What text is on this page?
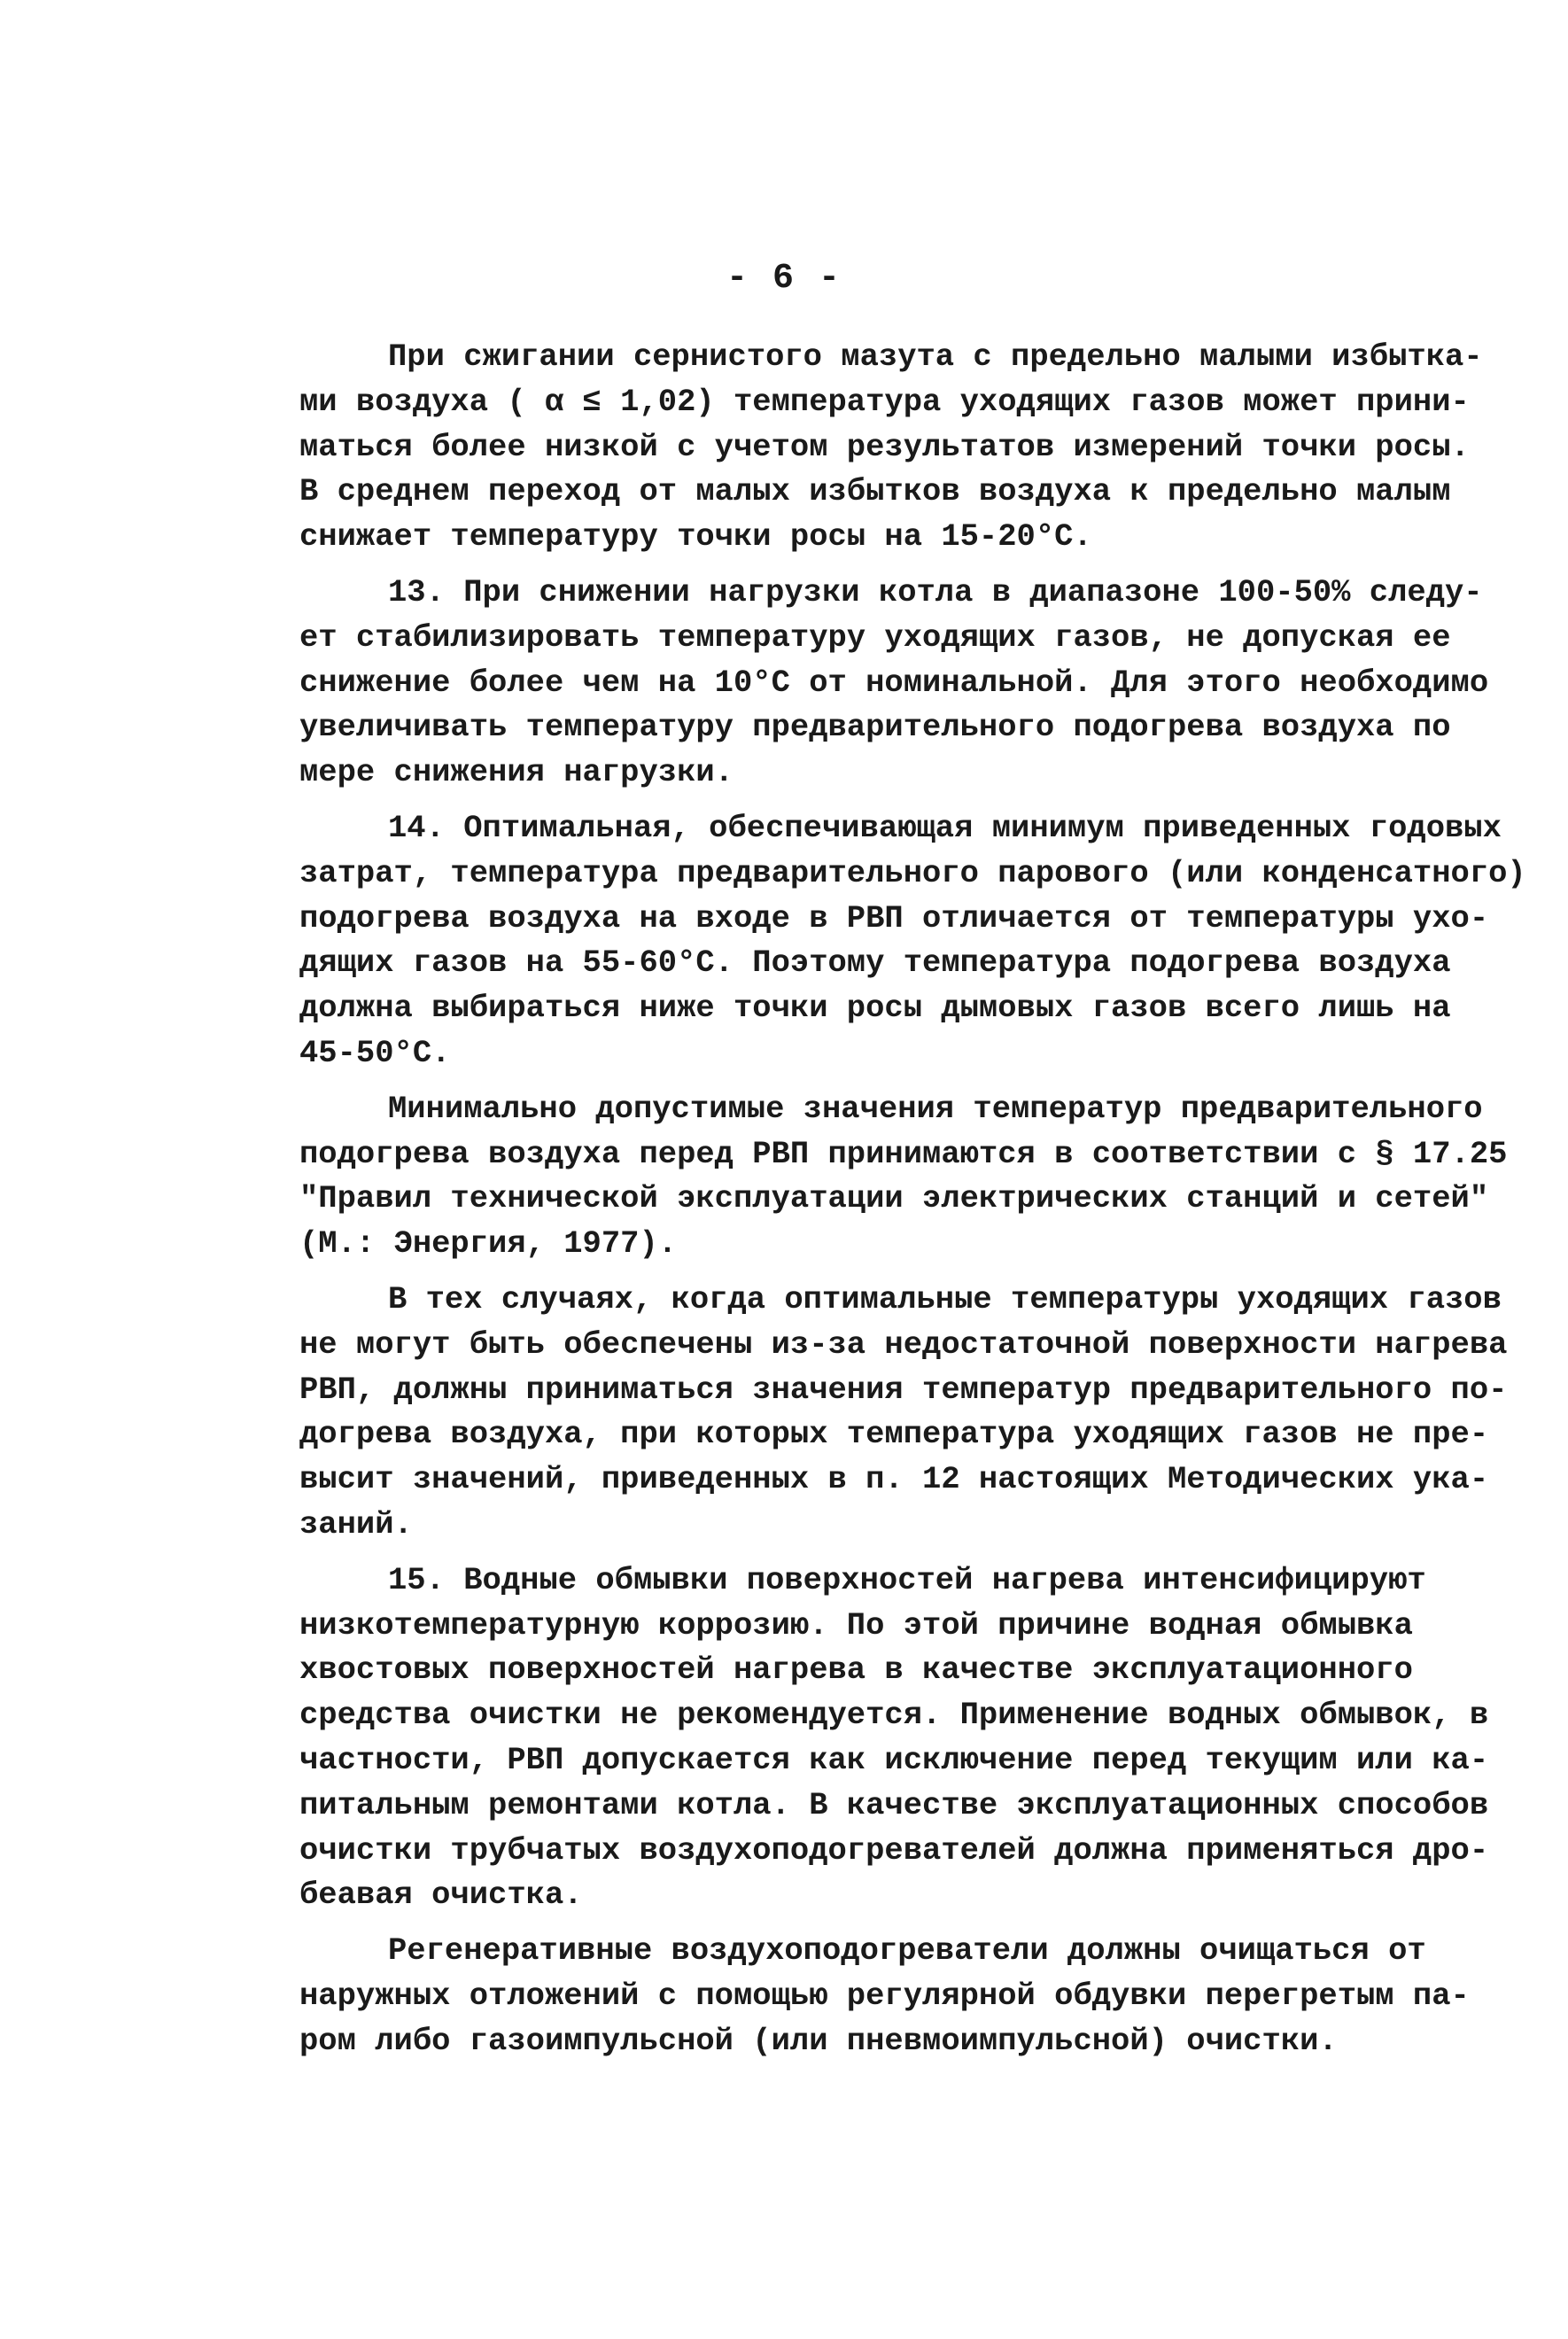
- 6 -
При сжигании сернистого мазута с предельно малыми избытка-
ми воздуха ( α ≤ 1,02) температура уходящих газов может прини-
маться более низкой с учетом результатов измерений точки росы.
В среднем переход от малых избытков воздуха к предельно малым
снижает температуру точки росы на 15-20°С.
13. При снижении нагрузки котла в диапазоне 100-50% следу-
ет стабилизировать температуру уходящих газов, не допуская ее
снижение более чем на 10°С от номинальной. Для этого необходимо
увеличивать температуру предварительного подогрева воздуха по
мере снижения нагрузки.
14. Оптимальная, обеспечивающая минимум приведенных годовых
затрат, температура предварительного парового (или конденсатного)
подогрева воздуха на входе в РВП отличается от температуры ухо-
дящих газов на 55-60°С. Поэтому температура подогрева воздуха
должна выбираться ниже точки росы дымовых газов всего лишь на
45-50°С.
Минимально допустимые значения температур предварительного
подогрева воздуха перед РВП принимаются в соответствии с § 17.25
"Правил технической эксплуатации электрических станций и сетей"
(М.: Энергия, 1977).
В тех случаях, когда оптимальные температуры уходящих газов
не могут быть обеспечены из-за недостаточной поверхности нагрева
РВП, должны приниматься значения температур предварительного по-
догрева воздуха, при которых температура уходящих газов не пре-
высит значений, приведенных в п. 12 настоящих Методических ука-
заний.
15. Водные обмывки поверхностей нагрева интенсифицируют
низкотемпературную коррозию. По этой причине водная обмывка
хвостовых поверхностей нагрева в качестве эксплуатационного
средства очистки не рекомендуется. Применение водных обмывок, в
частности, РВП допускается как исключение перед текущим или ка-
питальным ремонтами котла. В качестве эксплуатационных способов
очистки трубчатых воздухоподогревателей должна применяться дро-
беавая очистка.
Регенеративные воздухоподогреватели должны очищаться от
наружных отложений с помощью регулярной обдувки перегретым па-
ром либо газоимпульсной (или пневмоимпульсной) очистки.
